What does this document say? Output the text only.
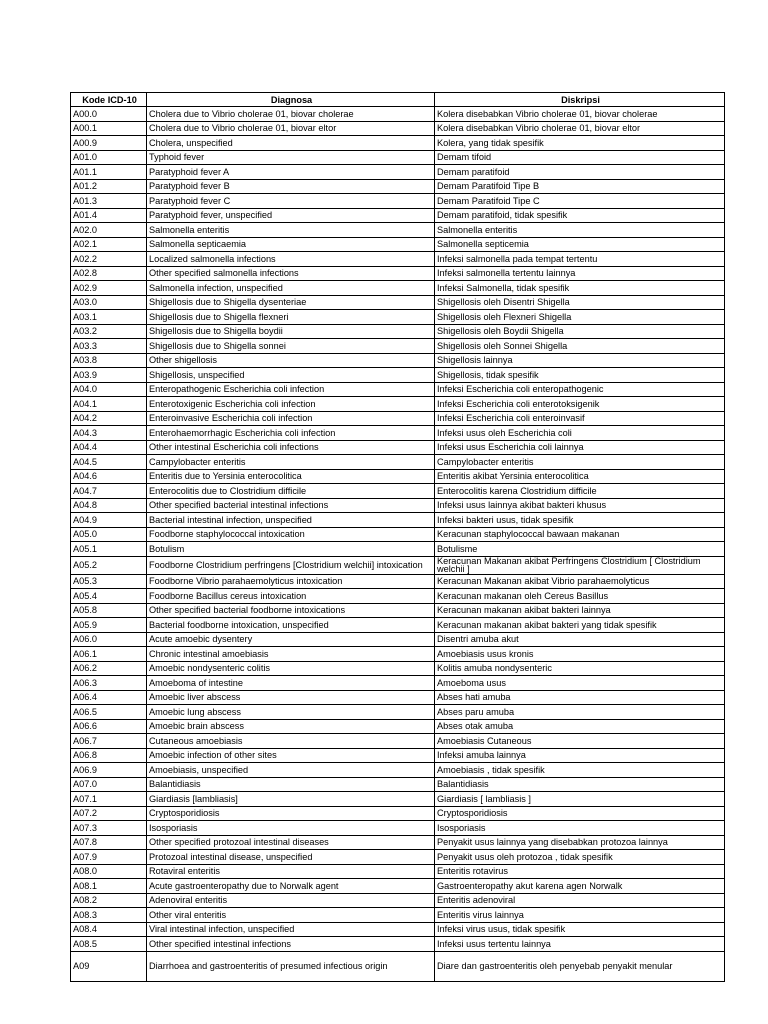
Kode ICD-10	Diagnosa	Diskripsi
A00.0	Cholera due to Vibrio cholerae 01, biovar cholerae	Kolera disebabkan Vibrio cholerae 01, biovar cholerae
A00.1	Cholera due to Vibrio cholerae 01, biovar eltor	Kolera disebabkan Vibrio cholerae 01, biovar eltor
A00.9	Cholera, unspecified	Kolera, yang tidak spesifik
A01.0	Typhoid fever	Demam tifoid
A01.1	Paratyphoid fever A	Demam paratifoid
A01.2	Paratyphoid fever B	Demam Paratifoid Tipe B
A01.3	Paratyphoid fever C	Demam Paratifoid Tipe C
A01.4	Paratyphoid fever, unspecified	Demam paratifoid, tidak spesifik
A02.0	Salmonella enteritis	Salmonella enteritis
A02.1	Salmonella septicaemia	Salmonella septicemia
A02.2	Localized salmonella infections	Infeksi salmonella pada tempat tertentu
A02.8	Other specified salmonella infections	Infeksi salmonella tertentu lainnya
A02.9	Salmonella infection, unspecified	Infeksi Salmonella, tidak spesifik
A03.0	Shigellosis due to Shigella dysenteriae	Shigellosis oleh Disentri Shigella
A03.1	Shigellosis due to Shigella flexneri	Shigellosis oleh Flexneri Shigella
A03.2	Shigellosis due to Shigella boydii	Shigellosis oleh Boydii Shigella
A03.3	Shigellosis due to Shigella sonnei	Shigellosis oleh Sonnei Shigella
A03.8	Other shigellosis	Shigellosis lainnya
A03.9	Shigellosis, unspecified	Shigellosis, tidak spesifik
A04.0	Enteropathogenic Escherichia coli infection	Infeksi Escherichia coli enteropathogenic
A04.1	Enterotoxigenic Escherichia coli infection	Infeksi Escherichia coli enterotoksigenik
A04.2	Enteroinvasive Escherichia coli infection	Infeksi Escherichia coli enteroinvasif
A04.3	Enterohaemorrhagic Escherichia coli infection	Infeksi usus oleh Escherichia coli
A04.4	Other intestinal Escherichia coli infections	Infeksi usus Escherichia coli lainnya
A04.5	Campylobacter enteritis	Campylobacter enteritis
A04.6	Enteritis due to Yersinia enterocolitica	Enteritis akibat Yersinia enterocolitica
A04.7	Enterocolitis due to Clostridium difficile	Enterocolitis karena Clostridium difficile
A04.8	Other specified bacterial intestinal infections	Infeksi usus lainnya akibat bakteri khusus
A04.9	Bacterial intestinal infection, unspecified	Infeksi bakteri usus, tidak spesifik
A05.0	Foodborne staphylococcal intoxication	Keracunan staphylococcal bawaan makanan
A05.1	Botulism	Botulisme
A05.2	Foodborne Clostridium perfringens [Clostridium welchii] intoxication	Keracunan Makanan akibat Perfringens Clostridium [ Clostridium welchii ]
A05.3	Foodborne Vibrio parahaemolyticus intoxication	Keracunan Makanan akibat Vibrio parahaemolyticus
A05.4	Foodborne Bacillus cereus intoxication	Keracunan makanan oleh Cereus Basillus
A05.8	Other specified bacterial foodborne intoxications	Keracunan makanan akibat bakteri lainnya
A05.9	Bacterial foodborne intoxication, unspecified	Keracunan makanan akibat bakteri yang tidak spesifik
A06.0	Acute amoebic dysentery	Disentri amuba akut
A06.1	Chronic intestinal amoebiasis	Amoebiasis usus kronis
A06.2	Amoebic nondysenteric colitis	Kolitis amuba nondysenteric
A06.3	Amoeboma of intestine	Amoeboma usus
A06.4	Amoebic liver abscess	Abses hati amuba
A06.5	Amoebic lung abscess	Abses paru amuba
A06.6	Amoebic brain abscess	Abses otak amuba
A06.7	Cutaneous amoebiasis	Amoebiasis Cutaneous
A06.8	Amoebic infection of other sites	Infeksi amuba lainnya
A06.9	Amoebiasis, unspecified	Amoebiasis , tidak spesifik
A07.0	Balantidiasis	Balantidiasis
A07.1	Giardiasis [lambliasis]	Giardiasis [ lambliasis ]
A07.2	Cryptosporidiosis	Cryptosporidiosis
A07.3	Isosporiasis	Isosporiasis
A07.8	Other specified protozoal intestinal diseases	Penyakit usus lainnya yang disebabkan protozoa lainnya
A07.9	Protozoal intestinal disease, unspecified	Penyakit usus oleh protozoa , tidak spesifik
A08.0	Rotaviral enteritis	Enteritis rotavirus
A08.1	Acute gastroenteropathy due to Norwalk agent	Gastroenteropathy akut karena agen Norwalk
A08.2	Adenoviral enteritis	Enteritis adenoviral
A08.3	Other viral enteritis	Enteritis virus lainnya
A08.4	Viral intestinal infection, unspecified	Infeksi virus usus, tidak spesifik
A08.5	Other specified intestinal infections	Infeksi usus tertentu lainnya
A09	Diarrhoea and gastroenteritis of presumed infectious origin	Diare dan gastroenteritis oleh penyebab penyakit menular
